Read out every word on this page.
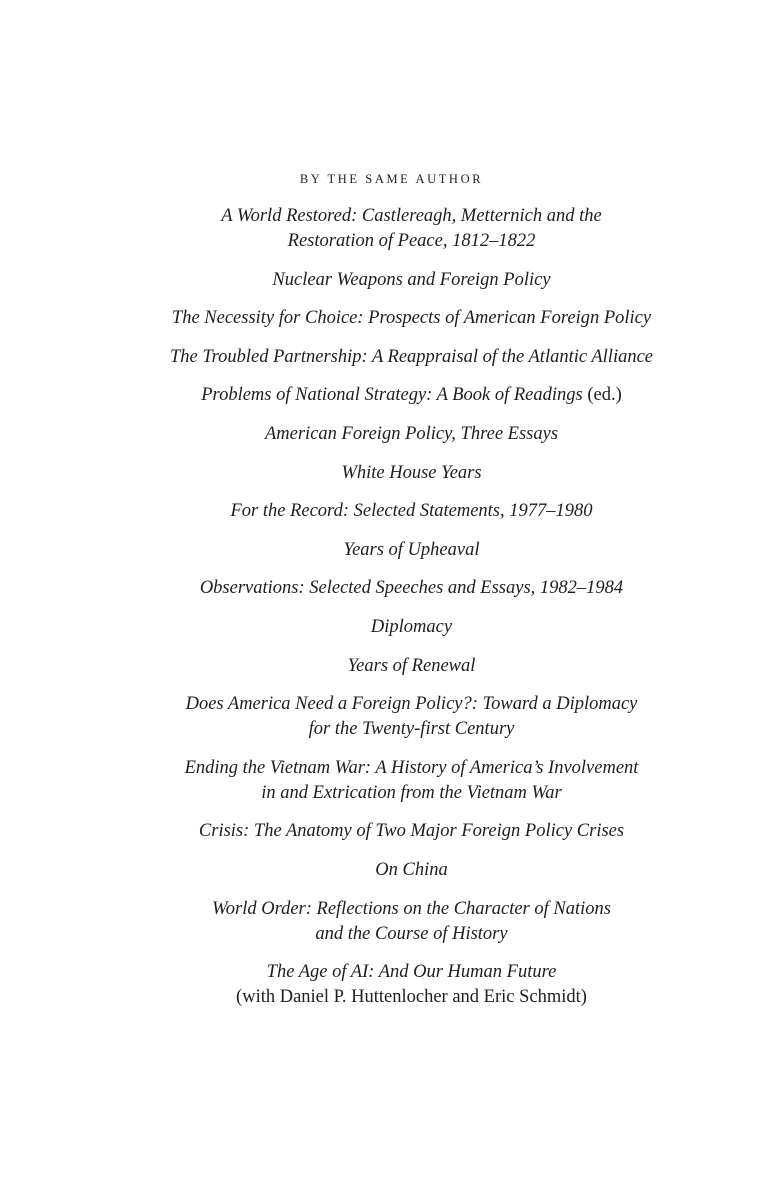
BY THE SAME AUTHOR
A World Restored: Castlereagh, Metternich and the
Restoration of Peace, 1812–1822
Nuclear Weapons and Foreign Policy
The Necessity for Choice: Prospects of American Foreign Policy
The Troubled Partnership: A Reappraisal of the Atlantic Alliance
Problems of National Strategy: A Book of Readings (ed.)
American Foreign Policy, Three Essays
White House Years
For the Record: Selected Statements, 1977–1980
Years of Upheaval
Observations: Selected Speeches and Essays, 1982–1984
Diplomacy
Years of Renewal
Does America Need a Foreign Policy?: Toward a Diplomacy
for the Twenty-first Century
Ending the Vietnam War: A History of America’s Involvement
in and Extrication from the Vietnam War
Crisis: The Anatomy of Two Major Foreign Policy Crises
On China
World Order: Reflections on the Character of Nations
and the Course of History
The Age of AI: And Our Human Future
(with Daniel P. Huttenlocher and Eric Schmidt)
